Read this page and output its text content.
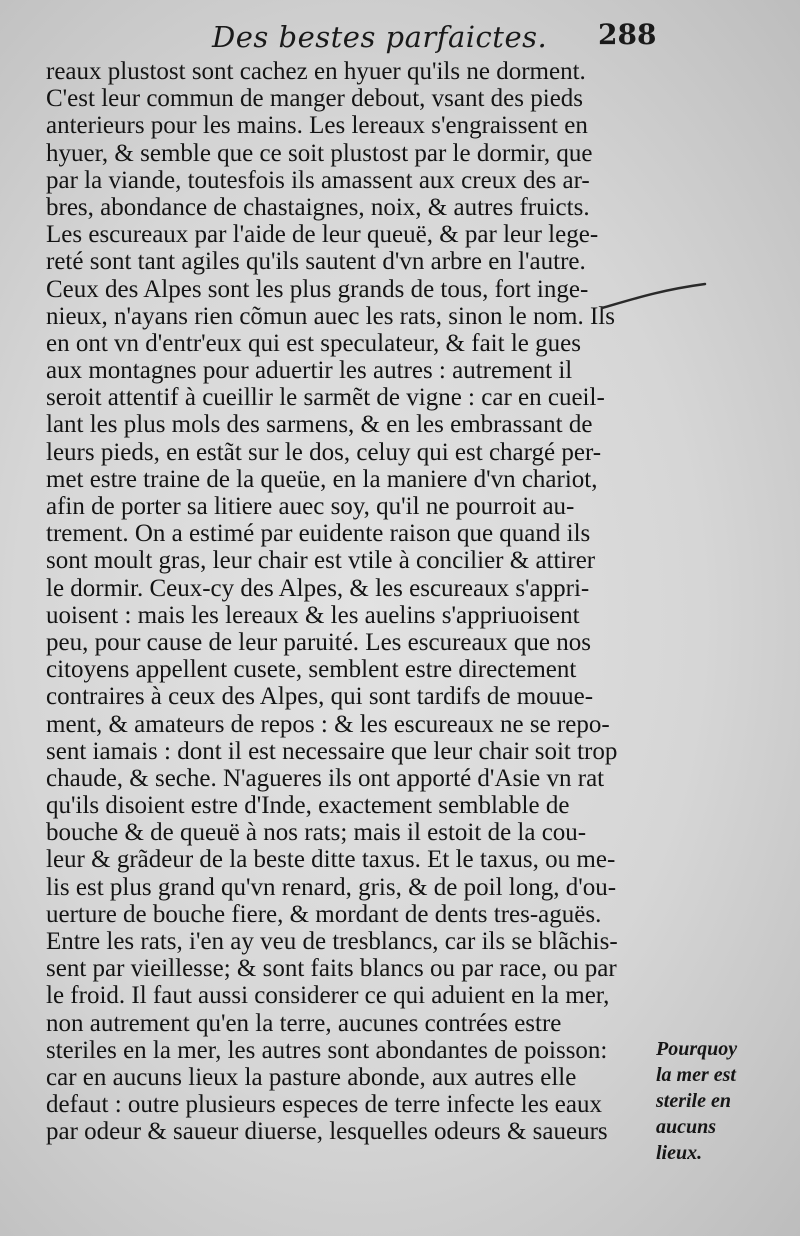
Des bestes parfaictes. 288
reaux plustost sont cachez en hyuer qu'ils ne dorment.
C'est leur commun de manger debout, vsant des pieds
anterieurs pour les mains. Les lereaux s'engraissent en
hyuer, & semble que ce soit plustost par le dormir, que
par la viande, toutesfois ils amassent aux creux des ar-
bres, abondance de chastaignes, noix, & autres fruicts.
Les escureaux par l'aide de leur queuë, & par leur lege-
reté sont tant agiles qu'ils sautent d'vn arbre en l'autre.
Ceux des Alpes sont les plus grands de tous, fort inge-
nieux, n'ayans rien cõmun auec les rats, sinon le nom. Ils
en ont vn d'entr'eux qui est speculateur, & fait le gues
aux montagnes pour aduertir les autres : autrement il
seroit attentif à cueillir le sarmẽt de vigne : car en cueil-
lant les plus mols des sarmens, & en les embrassant de
leurs pieds, en estãt sur le dos, celuy qui est chargé per-
met estre traine de la queüe, en la maniere d'vn chariot,
afin de porter sa litiere auec soy, qu'il ne pourroit au-
trement. On a estimé par euidente raison que quand ils
sont moult gras, leur chair est vtile à concilier & attirer
le dormir. Ceux-cy des Alpes, & les escureaux s'appri-
uoisent : mais les lereaux & les auelins s'appriuoisent
peu, pour cause de leur paruité. Les escureaux que nos
citoyens appellent cusete, semblent estre directement
contraires à ceux des Alpes, qui sont tardifs de mouue-
ment, & amateurs de repos : & les escureaux ne se repo-
sent iamais : dont il est necessaire que leur chair soit trop
chaude, & seche. N'agueres ils ont apporté d'Asie vn rat
qu'ils disoient estre d'Inde, exactement semblable de
bouche & de queuë à nos rats; mais il estoit de la cou-
leur & grãdeur de la beste ditte taxus. Et le taxus, ou me-
lis est plus grand qu'vn renard, gris, & de poil long, d'ou-
uerture de bouche fiere, & mordant de dents tres-aguës.
Entre les rats, i'en ay veu de tresblancs, car ils se blãchis-
sent par vieillesse; & sont faits blancs ou par race, ou par
le froid. Il faut aussi considerer ce qui aduient en la mer,
non autrement qu'en la terre, aucunes contrées estre
steriles en la mer, les autres sont abondantes de poisson:
car en aucuns lieux la pasture abonde, aux autres elle
defaut : outre plusieurs especes de terre infecte les eaux
par odeur & saueur diuerse, lesquelles odeurs & saueurs
Pourquoy
la mer est
sterile en
aucuns
lieux.
